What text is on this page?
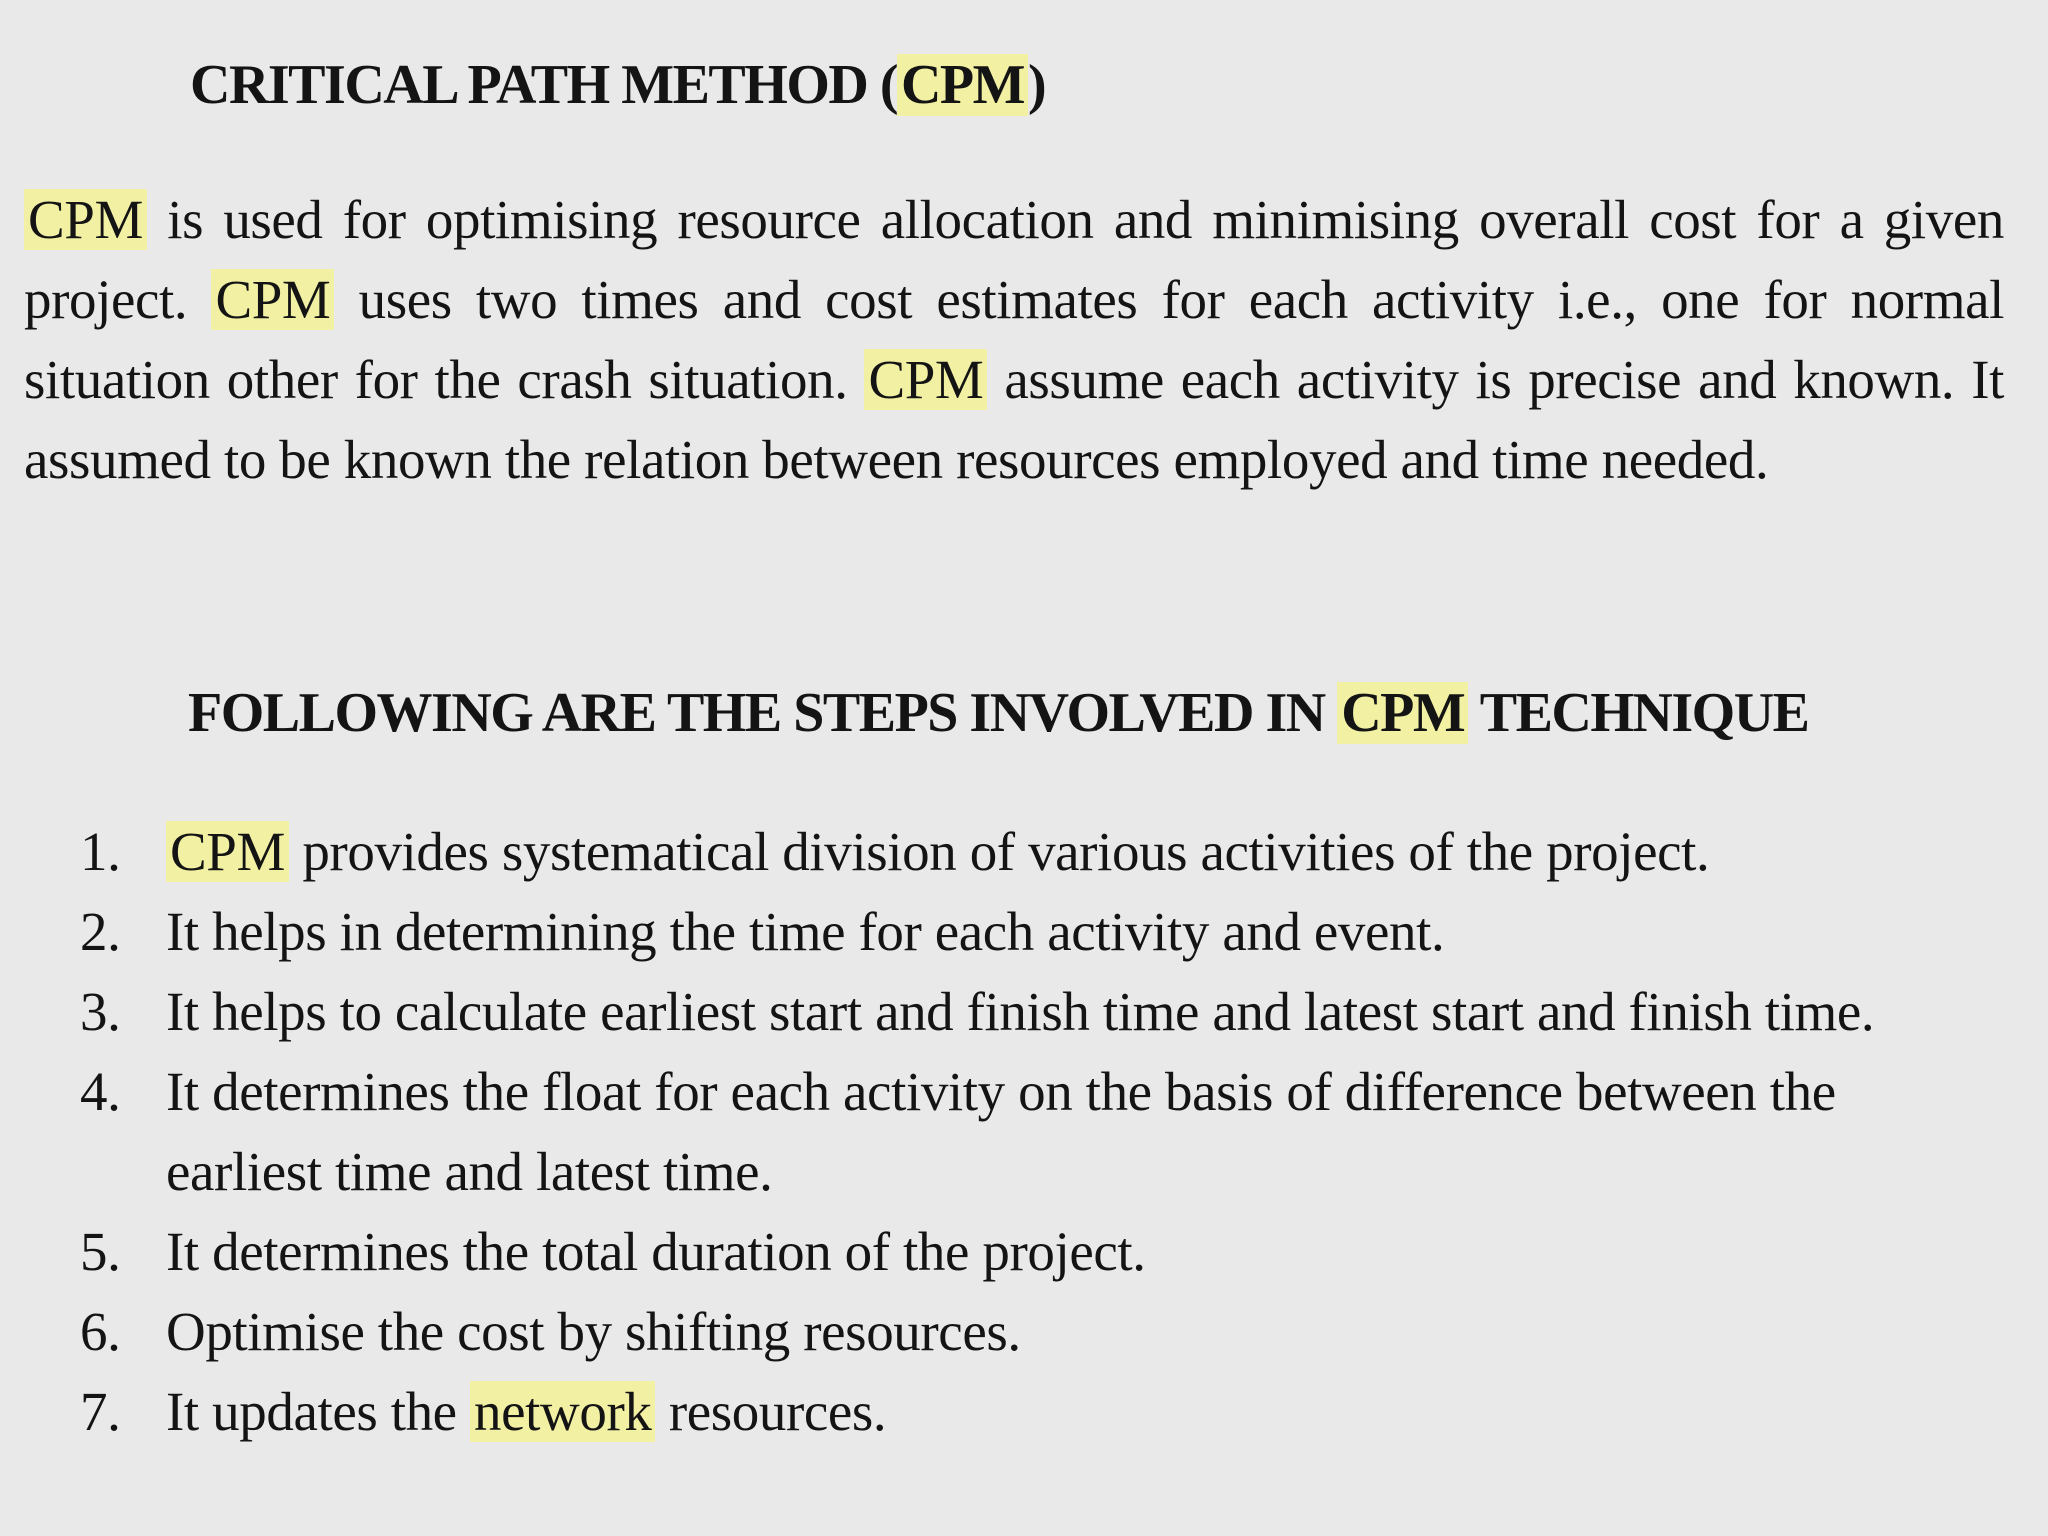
CRITICAL PATH METHOD (CPM)

CPM is used for optimising resource allocation and minimising overall cost for a given project. CPM uses two times and cost estimates for each activity i.e., one for normal situation other for the crash situation. CPM assume each activity is precise and known. It assumed to be known the relation between resources employed and time needed.

FOLLOWING ARE THE STEPS INVOLVED IN CPM TECHNIQUE
1. CPM provides systematical division of various activities of the project.
2. It helps in determining the time for each activity and event.
3. It helps to calculate earliest start and finish time and latest start and finish time.
4. It determines the float for each activity on the basis of difference between the earliest time and latest time.
5. It determines the total duration of the project.
6. Optimise the cost by shifting resources.
7. It updates the network resources.
